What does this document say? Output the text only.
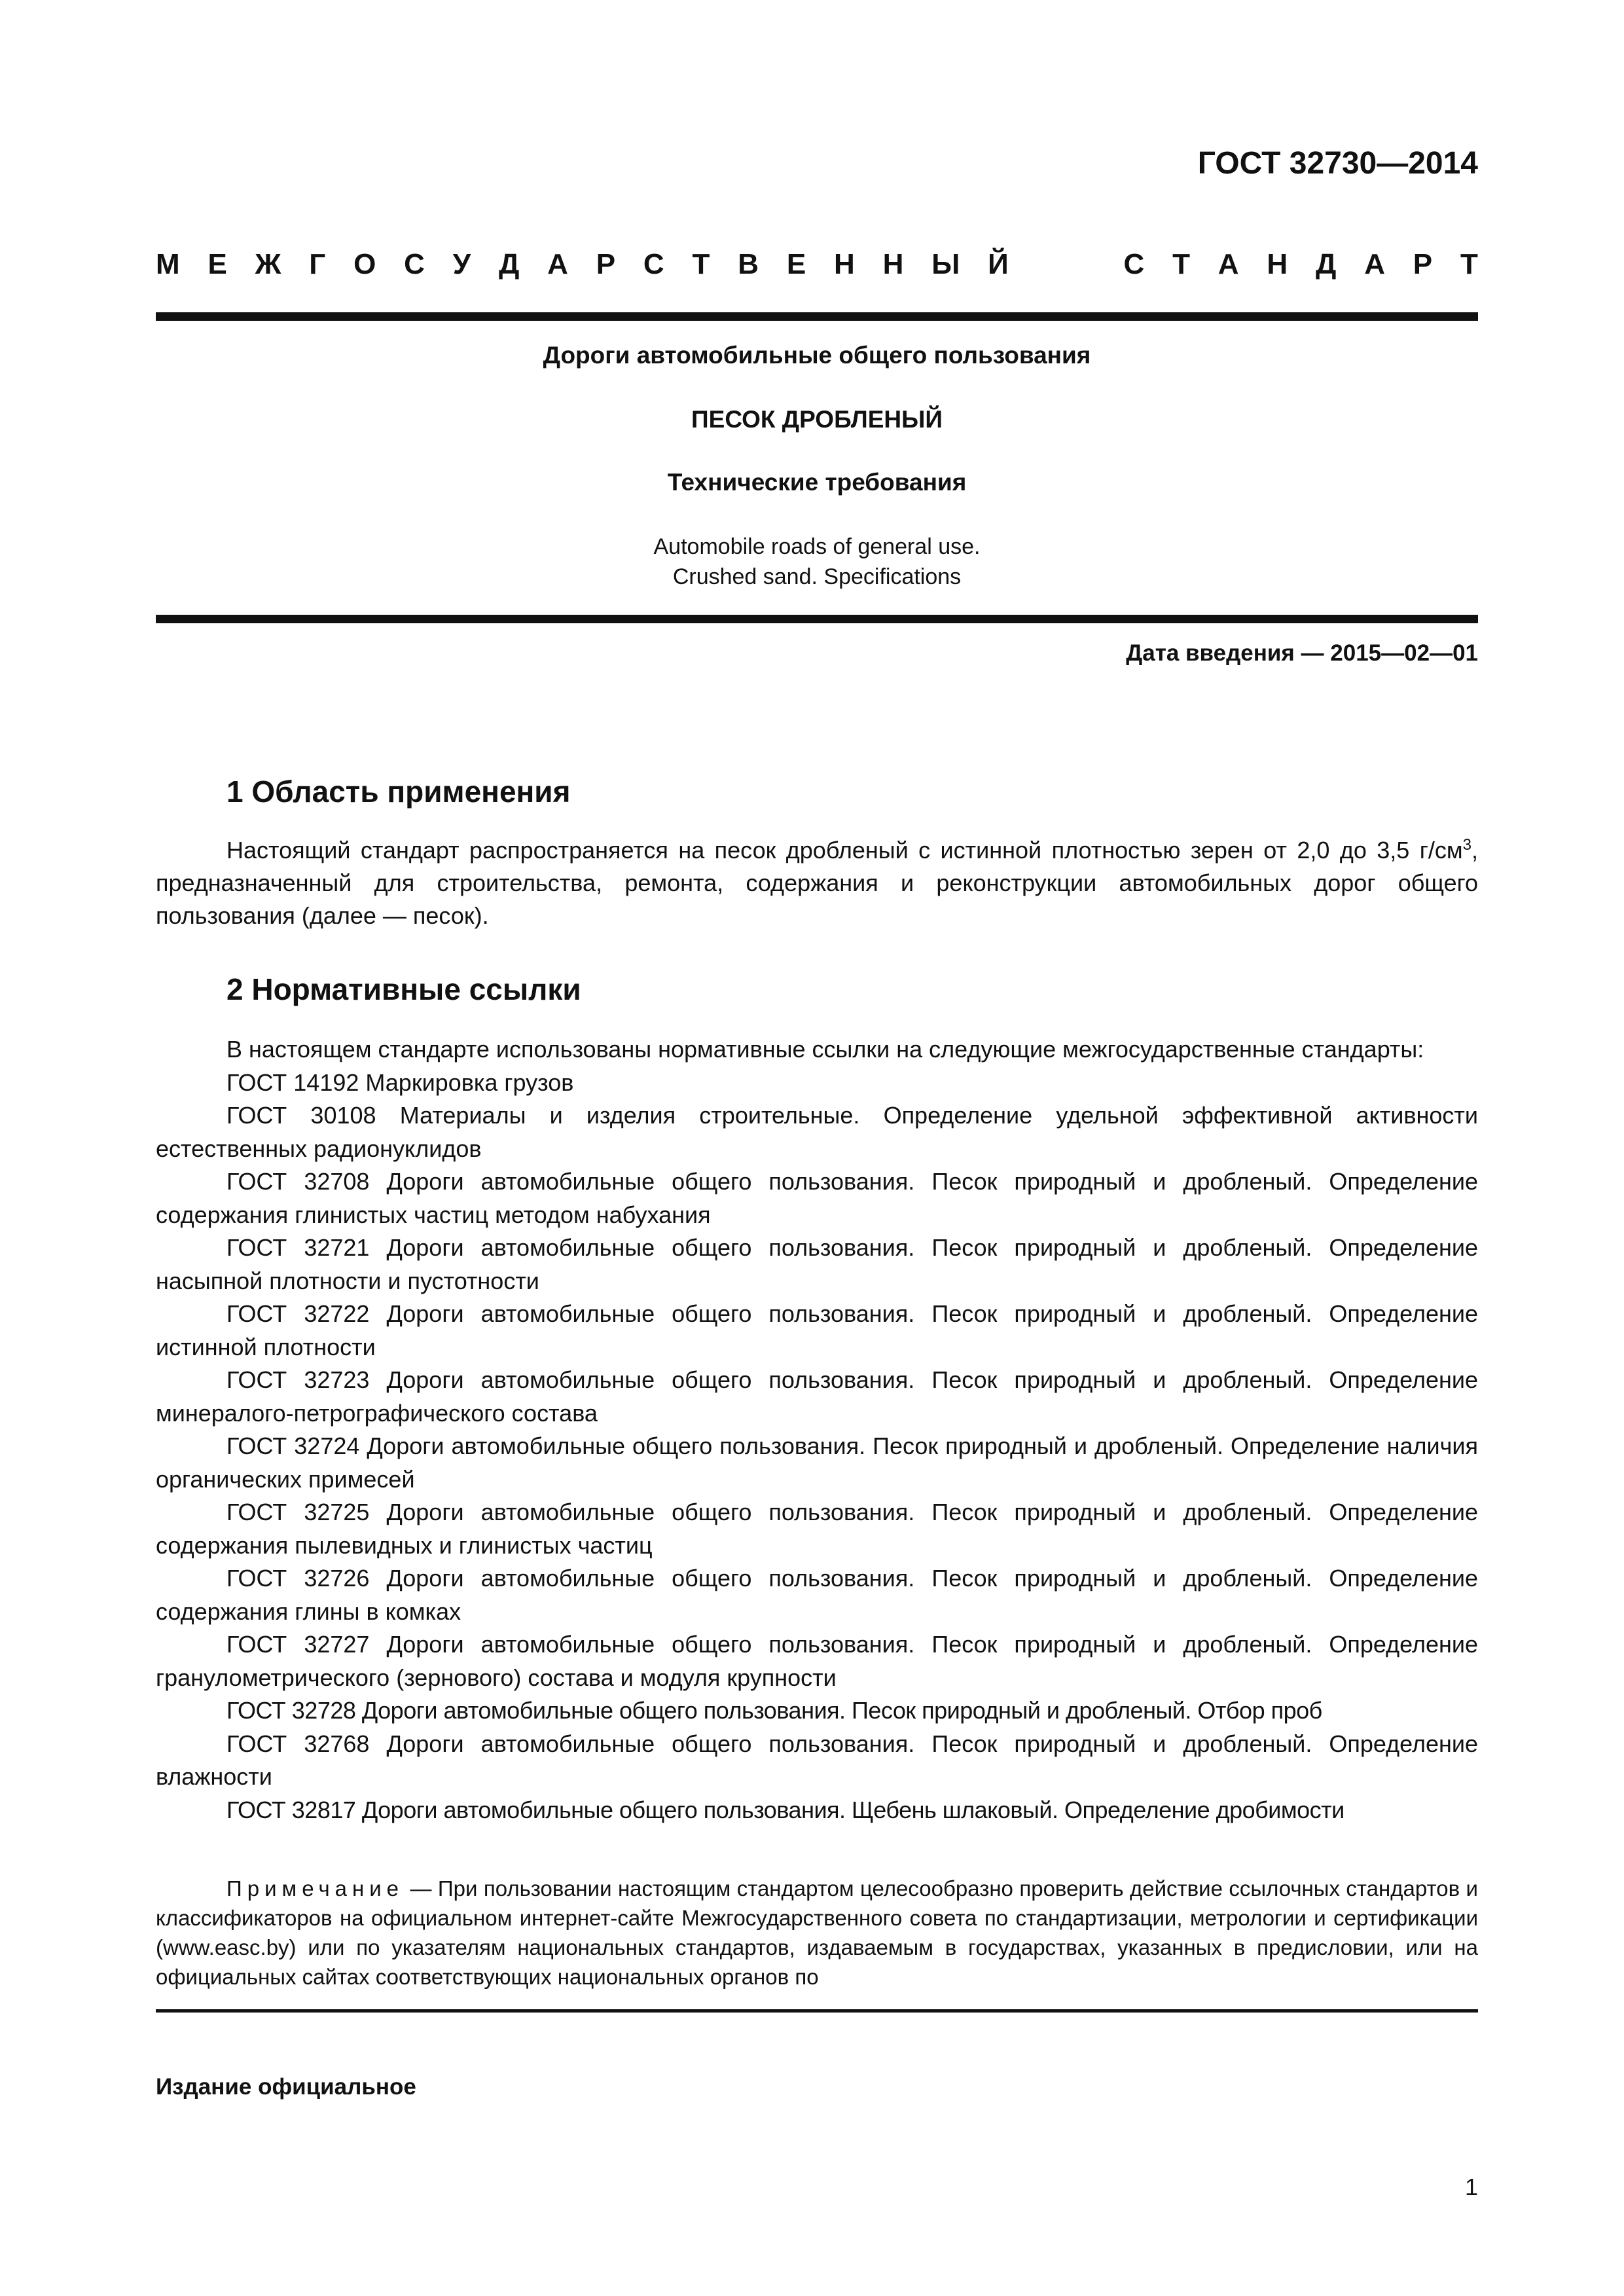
ГОСТ 32730—2014
М Е Ж Г О С У Д А Р С Т В Е Н Н Ы Й	С Т А Н Д А Р Т
Дороги автомобильные общего пользования
ПЕСОК ДРОБЛЕНЫЙ
Технические требования
Automobile roads of general use.
Crushed sand. Specifications
Дата введения — 2015—02—01
1 Область применения
Настоящий стандарт распространяется на песок дробленый с истинной плотностью зерен от 2,0 до 3,5 $г/см^3$, предназначенный для строительства, ремонта, содержания и реконструкции автомобильных дорог общего пользования (далее — песок).
2 Нормативные ссылки
В настоящем стандарте использованы нормативные ссылки на следующие межгосударственные стандарты:
ГОСТ 14192 Маркировка грузов
ГОСТ 30108 Материалы и изделия строительные. Определение удельной эффективной активности естественных радионуклидов
ГОСТ 32708 Дороги автомобильные общего пользования. Песок природный и дробленый. Определение содержания глинистых частиц методом набухания
ГОСТ 32721 Дороги автомобильные общего пользования. Песок природный и дробленый. Определение насыпной плотности и пустотности
ГОСТ 32722 Дороги автомобильные общего пользования. Песок природный и дробленый. Определение истинной плотности
ГОСТ 32723 Дороги автомобильные общего пользования. Песок природный и дробленый. Определение минералого-петрографического состава
ГОСТ 32724 Дороги автомобильные общего пользования. Песок природный и дробленый. Определение наличия органических примесей
ГОСТ 32725 Дороги автомобильные общего пользования. Песок природный и дробленый. Определение содержания пылевидных и глинистых частиц
ГОСТ 32726 Дороги автомобильные общего пользования. Песок природный и дробленый. Определение содержания глины в комках
ГОСТ 32727 Дороги автомобильные общего пользования. Песок природный и дробленый. Определение гранулометрического (зернового) состава и модуля крупности
ГОСТ 32728 Дороги автомобильные общего пользования. Песок природный и дробленый. Отбор проб
ГОСТ 32768 Дороги автомобильные общего пользования. Песок природный и дробленый. Определение влажности
ГОСТ 32817 Дороги автомобильные общего пользования. Щебень шлаковый. Определение дробимости
Примечание — При пользовании настоящим стандартом целесообразно проверить действие ссылочных стандартов и классификаторов на официальном интернет-сайте Межгосударственного совета по стандартизации, метрологии и сертификации (www.easc.by) или по указателям национальных стандартов, издаваемым в государствах, указанных в предисловии, или на официальных сайтах соответствующих национальных органов по
Издание официальное
1
